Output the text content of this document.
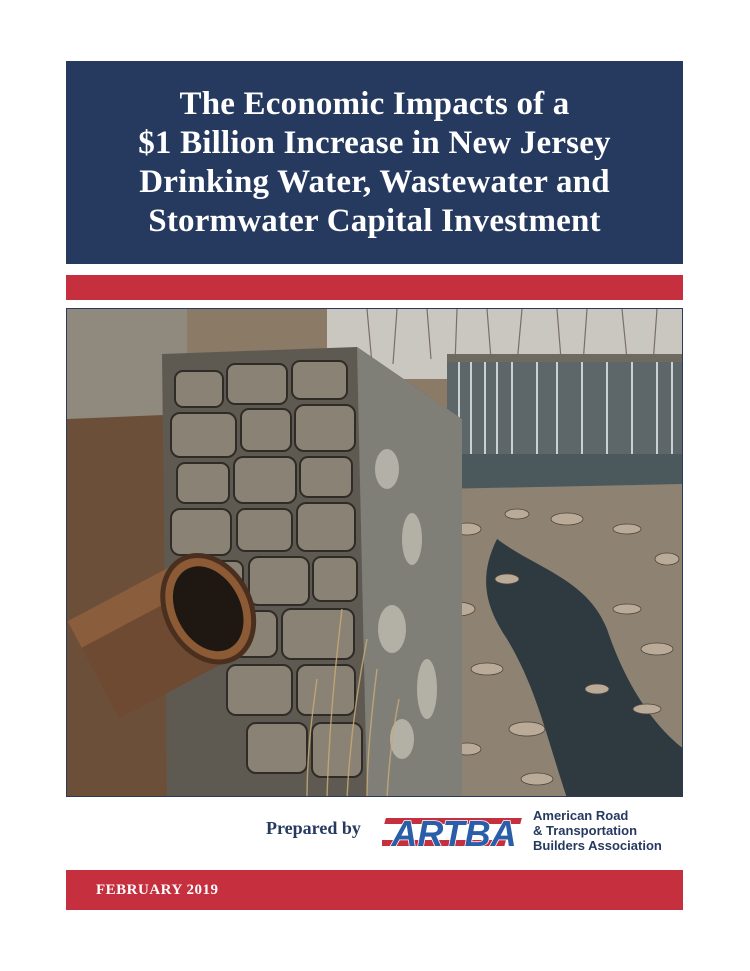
The Economic Impacts of a
$1 Billion Increase in New Jersey
Drinking Water, Wastewater and
Stormwater Capital Investment
Prepared by ARTBA American Road
& Transportation
Builders Association
FEBRUARY 2019
